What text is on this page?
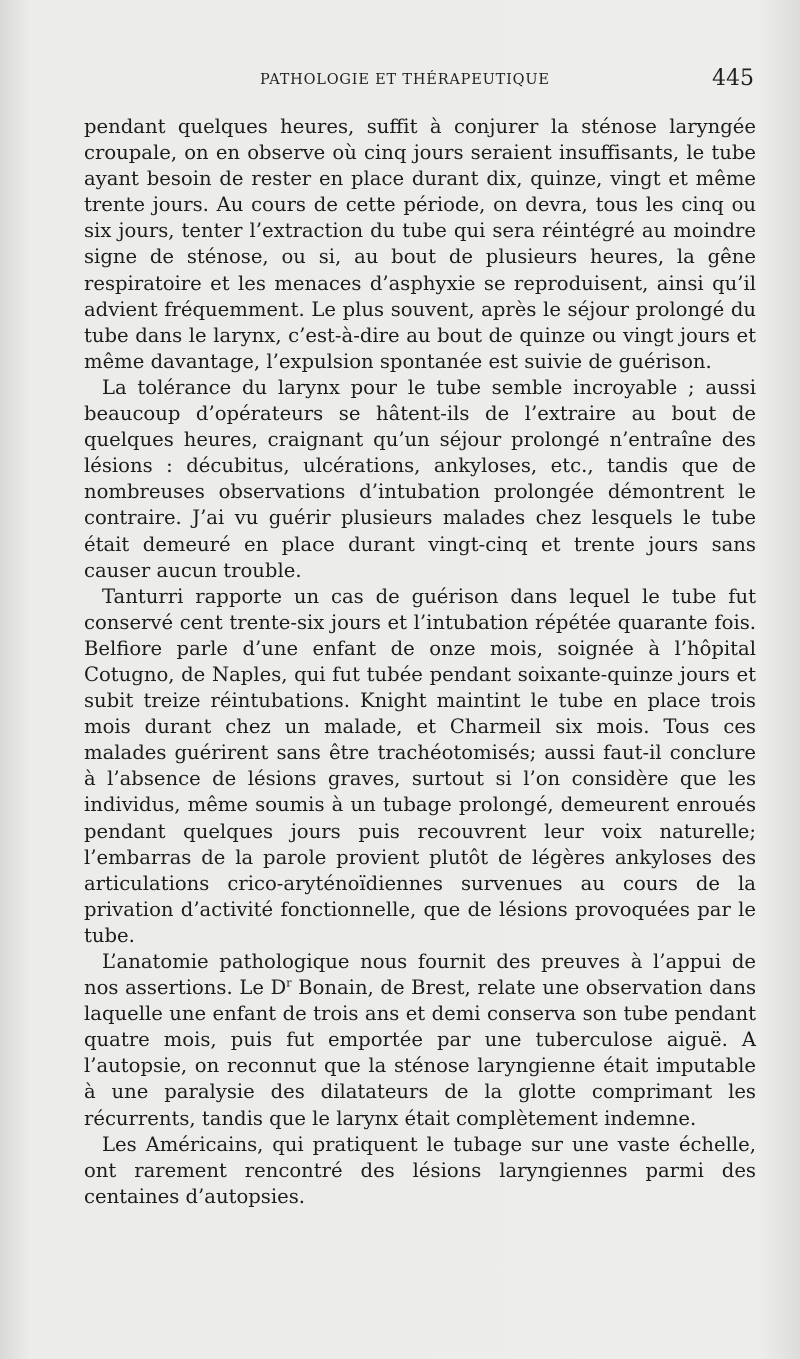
PATHOLOGIE ET THÉRAPEUTIQUE	445

pendant quelques heures, suffit à conjurer la sténose laryngée croupale, on en observe où cinq jours seraient insuffisants, le tube ayant besoin de rester en place durant dix, quinze, vingt et même trente jours. Au cours de cette période, on devra, tous les cinq ou six jours, tenter l’extraction du tube qui sera réintégré au moindre signe de sténose, ou si, au bout de plusieurs heures, la gêne respiratoire et les menaces d’asphyxie se reproduisent, ainsi qu’il advient fréquemment. Le plus souvent, après le séjour prolongé du tube dans le larynx, c’est-à-dire au bout de quinze ou vingt jours et même davantage, l’expulsion spontanée est suivie de guérison.

La tolérance du larynx pour le tube semble incroyable ; aussi beaucoup d’opérateurs se hâtent-ils de l’extraire au bout de quelques heures, craignant qu’un séjour prolongé n’entraîne des lésions : décubitus, ulcérations, ankyloses, etc., tandis que de nombreuses observations d’intubation prolongée démontrent le contraire. J’ai vu guérir plusieurs malades chez lesquels le tube était demeuré en place durant vingt-cinq et trente jours sans causer aucun trouble.

Tanturri rapporte un cas de guérison dans lequel le tube fut conservé cent trente-six jours et l’intubation répétée quarante fois. Belfiore parle d’une enfant de onze mois, soignée à l’hôpital Cotugno, de Naples, qui fut tubée pendant soixante-quinze jours et subit treize réintubations. Knight maintint le tube en place trois mois durant chez un malade, et Charmeil six mois. Tous ces malades guérirent sans être trachéotomisés; aussi faut-il conclure à l’absence de lésions graves, surtout si l’on considère que les individus, même soumis à un tubage prolongé, demeurent enroués pendant quelques jours puis recouvrent leur voix naturelle; l’embarras de la parole provient plutôt de légères ankyloses des articulations crico-aryténoïdiennes survenues au cours de la privation d’activité fonctionnelle, que de lésions provoquées par le tube.

L’anatomie pathologique nous fournit des preuves à l’appui de nos assertions. Le $D^r$ Bonain, de Brest, relate une observation dans laquelle une enfant de trois ans et demi conserva son tube pendant quatre mois, puis fut emportée par une tuberculose aiguë. A l’autopsie, on reconnut que la sténose laryngienne était imputable à une paralysie des dilatateurs de la glotte comprimant les récurrents, tandis que le larynx était complètement indemne.

Les Américains, qui pratiquent le tubage sur une vaste échelle, ont rarement rencontré des lésions laryngiennes parmi des centaines d’autopsies.
